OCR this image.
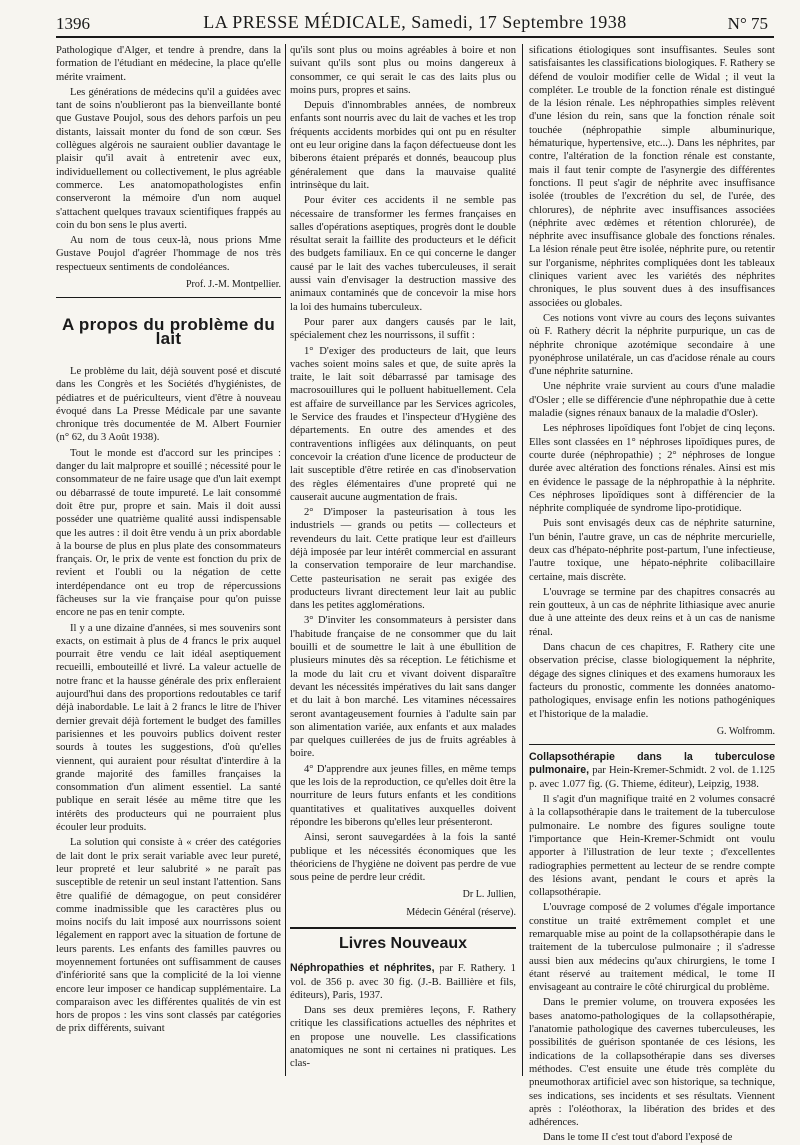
1396	LA PRESSE MÉDICALE, Samedi, 17 Septembre 1938	N° 75

Pathologique d'Alger, et tendre à prendre, dans la formation de l'étudiant en médecine, la place qu'elle mérite vraiment.

Les générations de médecins qu'il a guidées avec tant de soins n'oublieront pas la bienveillante bonté que Gustave Poujol, sous des dehors parfois un peu distants, laissait monter du fond de son cœur. Ses collègues algérois ne sauraient oublier davantage le plaisir qu'il avait à entretenir avec eux, individuellement ou collectivement, le plus agréable commerce. Les anatomopathologistes enfin conserveront la mémoire d'un nom auquel s'attachent quelques travaux scientifiques frappés au coin du bon sens le plus averti.

Au nom de tous ceux-là, nous prions Mme Gustave Poujol d'agréer l'hommage de nos très respectueux sentiments de condoléances.

Prof. J.-M. Montpellier.

A propos du problème du lait

Le problème du lait, déjà souvent posé et discuté dans les Congrès et les Sociétés d'hygiénistes, de pédiatres et de puériculteurs, vient d'être à nouveau évoqué dans La Presse Médicale par une savante chronique très documentée de M. Albert Fournier (n° 62, du 3 Août 1938).

Tout le monde est d'accord sur les principes : danger du lait malpropre et souillé ; nécessité pour le consommateur de ne faire usage que d'un lait exempt ou débarrassé de toute impureté. Le lait consommé doit être pur, propre et sain. Mais il doit aussi posséder une quatrième qualité aussi indispensable que les autres : il doit être vendu à un prix abordable à la bourse de plus en plus plate des consommateurs français. Or, le prix de vente est fonction du prix de revient et l'oubli ou la négation de cette interdépendance ont eu trop de répercussions fâcheuses sur la vie française pour qu'on puisse encore ne pas en tenir compte.

Il y a une dizaine d'années, si mes souvenirs sont exacts, on estimait à plus de 4 francs le prix auquel pourrait être vendu ce lait idéal aseptiquement recueilli, embouteillé et livré. La valeur actuelle de notre franc et la hausse générale des prix enfleraient aujourd'hui dans des proportions redoutables ce tarif déjà inabordable. Le lait à 2 francs le litre de l'hiver dernier grevait déjà fortement le budget des familles parisiennes et les pouvoirs publics doivent rester sourds à toutes les suggestions, d'où qu'elles viennent, qui auraient pour résultat d'interdire à la grande majorité des familles françaises la consommation d'un aliment essentiel. La santé publique en serait lésée au même titre que les intérêts des producteurs qui ne pourraient plus écouler leur produits.

La solution qui consiste à « créer des catégories de lait dont le prix serait variable avec leur pureté, leur propreté et leur salubrité » ne paraît pas susceptible de retenir un seul instant l'attention. Sans être qualifié de démagogue, on peut considérer comme inadmissible que les caractères plus ou moins nocifs du lait imposé aux nourrissons soient légalement en rapport avec la situation de fortune de leurs parents. Les enfants des familles pauvres ou moyennement fortunées ont suffisamment de causes d'infériorité sans que la complicité de la loi vienne encore leur imposer ce handicap supplémentaire. La comparaison avec les différentes qualités de vin est hors de propos : les vins sont classés par catégories de prix différents, suivant

qu'ils sont plus ou moins agréables à boire et non suivant qu'ils sont plus ou moins dangereux à consommer, ce qui serait le cas des laits plus ou moins purs, propres et sains.

Depuis d'innombrables années, de nombreux enfants sont nourris avec du lait de vaches et les trop fréquents accidents morbides qui ont pu en résulter ont eu leur origine dans la façon défectueuse dont les biberons étaient préparés et donnés, beaucoup plus généralement que dans la mauvaise qualité intrinsèque du lait.

Pour éviter ces accidents il ne semble pas nécessaire de transformer les fermes françaises en salles d'opérations aseptiques, progrès dont le double résultat serait la faillite des producteurs et le déficit des budgets familiaux. En ce qui concerne le danger causé par le lait des vaches tuberculeuses, il serait aussi vain d'envisager la destruction massive des animaux contaminés que de concevoir la mise hors la loi des humains tuberculeux.

Pour parer aux dangers causés par le lait, spécialement chez les nourrissons, il suffit :

1° D'exiger des producteurs de lait, que leurs vaches soient moins sales et que, de suite après la traite, le lait soit débarrassé par tamisage des macrosouillures qui le polluent habituellement. Cela est affaire de surveillance par les Services agricoles, le Service des fraudes et l'inspecteur d'Hygiène des départements. En outre des amendes et des contraventions infligées aux délinquants, on peut concevoir la création d'une licence de producteur de lait susceptible d'être retirée en cas d'inobservation des règles élémentaires d'une propreté qui ne causerait aucune augmentation de frais.

2° D'imposer la pasteurisation à tous les industriels — grands ou petits — collecteurs et revendeurs du lait. Cette pratique leur est d'ailleurs déjà imposée par leur intérêt commercial en assurant la conservation temporaire de leur marchandise. Cette pasteurisation ne serait pas exigée des producteurs livrant directement leur lait au public dans les petites agglomérations.

3° D'inviter les consommateurs à persister dans l'habitude française de ne consommer que du lait bouilli et de soumettre le lait à une ébullition de plusieurs minutes dès sa réception. Le fétichisme et la mode du lait cru et vivant doivent disparaître devant les nécessités impératives du lait sans danger et du lait à bon marché. Les vitamines nécessaires seront avantageusement fournies à l'adulte sain par son alimentation variée, aux enfants et aux malades par quelques cuillerées de jus de fruits agréables à boire.

4° D'apprendre aux jeunes filles, en même temps que les lois de la reproduction, ce qu'elles doit être la nourriture de leurs futurs enfants et les conditions quantitatives et qualitatives auxquelles doivent répondre les biberons qu'elles leur présenteront.

Ainsi, seront sauvegardées à la fois la santé publique et les nécessités économiques que les théoriciens de l'hygiène ne doivent pas perdre de vue sous peine de perdre leur crédit.

Dr L. Jullien,

Médecin Général (réserve).

Livres Nouveaux

Néphropathies et néphrites, par F. Rathery. 1 vol. de 356 p. avec 30 fig. (J.-B. Baillière et fils, éditeurs), Paris, 1937.

Dans ses deux premières leçons, F. Rathery critique les classifications actuelles des néphrites et en propose une nouvelle. Les classifications anatomiques ne sont ni certaines ni pratiques. Les clas-

sifications étiologiques sont insuffisantes. Seules sont satisfaisantes les classifications biologiques. F. Rathery se défend de vouloir modifier celle de Widal ; il veut la compléter. Le trouble de la fonction rénale est distingué de la lésion rénale. Les néphropathies simples relèvent d'une lésion du rein, sans que la fonction rénale soit touchée (néphropathie simple albuminurique, hématurique, hypertensive, etc...). Dans les néphrites, par contre, l'altération de la fonction rénale est constante, mais il faut tenir compte de l'asynergie des différentes fonctions. Il peut s'agir de néphrite avec insuffisance isolée (troubles de l'excrétion du sel, de l'urée, des chlorures), de néphrite avec insuffisances associées (néphrite avec œdèmes et rétention chlorurée), de néphrite avec insuffisance globale des fonctions rénales. La lésion rénale peut être isolée, néphrite pure, ou retentir sur l'organisme, néphrites compliquées dont les tableaux cliniques varient avec les variétés des néphrites chroniques, le plus souvent dues à des insuffisances associées ou globales.

Ces notions vont vivre au cours des leçons suivantes où F. Rathery décrit la néphrite purpurique, un cas de néphrite chronique azotémique secondaire à une pyonéphrose unilatérale, un cas d'acidose rénale au cours d'une néphrite saturnine.

Une néphrite vraie survient au cours d'une maladie d'Osler ; elle se différencie d'une néphropathie due à cette maladie (signes rénaux banaux de la maladie d'Osler).

Les néphroses lipoïdiques font l'objet de cinq leçons. Elles sont classées en 1° néphroses lipoïdiques pures, de courte durée (néphropathie) ; 2° néphroses de longue durée avec altération des fonctions rénales. Ainsi est mis en évidence le passage de la néphropathie à la néphrite. Ces néphroses lipoïdiques sont à différencier de la néphrite compliquée de syndrome lipo-protidique.

Puis sont envisagés deux cas de néphrite saturnine, l'un bénin, l'autre grave, un cas de néphrite mercurielle, deux cas d'hépato-néphrite post-partum, l'une infectieuse, l'autre toxique, une hépato-néphrite colibacillaire certaine, mais discrète.

L'ouvrage se termine par des chapitres consacrés au rein goutteux, à un cas de néphrite lithiasique avec anurie due à une atteinte des deux reins et à un cas de nanisme rénal.

Dans chacun de ces chapitres, F. Rathery cite une observation précise, classe biologiquement la néphrite, dégage des signes cliniques et des examens humoraux les facteurs du pronostic, commente les données anatomo-pathologiques, envisage enfin les notions pathogéniques et l'historique de la maladie.

G. Wolfromm.

Collapsothérapie dans la tuberculose pulmonaire, par Hein-Kremer-Schmidt. 2 vol. de 1.125 p. avec 1.077 fig. (G. Thieme, éditeur), Leipzig, 1938.

Il s'agit d'un magnifique traité en 2 volumes consacré à la collapsothérapie dans le traitement de la tuberculose pulmonaire. Le nombre des figures souligne toute l'importance que Hein-Kremer-Schmidt ont voulu apporter à l'illustration de leur texte ; d'excellentes radiographies permettent au lecteur de se rendre compte des lésions avant, pendant le cours et après la collapsothérapie.

L'ouvrage composé de 2 volumes d'égale importance constitue un traité extrêmement complet et une remarquable mise au point de la collapsothérapie dans le traitement de la tuberculose pulmonaire ; il s'adresse aussi bien aux médecins qu'aux chirurgiens, le tome I étant réservé au traitement médical, le tome II envisageant au contraire le côté chirurgical du problème.

Dans le premier volume, on trouvera exposées les bases anatomo-pathologiques de la collapsothérapie, l'anatomie pathologique des cavernes tuberculeuses, les possibilités de guérison spontanée de ces lésions, les indications de la collapsothérapie dans ses diverses méthodes. C'est ensuite une étude très complète du pneumothorax artificiel avec son historique, sa technique, ses indications, ses incidents et ses résultats. Viennent après : l'oléothorax, la libération des brides et des adhérences.

Dans le tome II c'est tout d'abord l'exposé de
